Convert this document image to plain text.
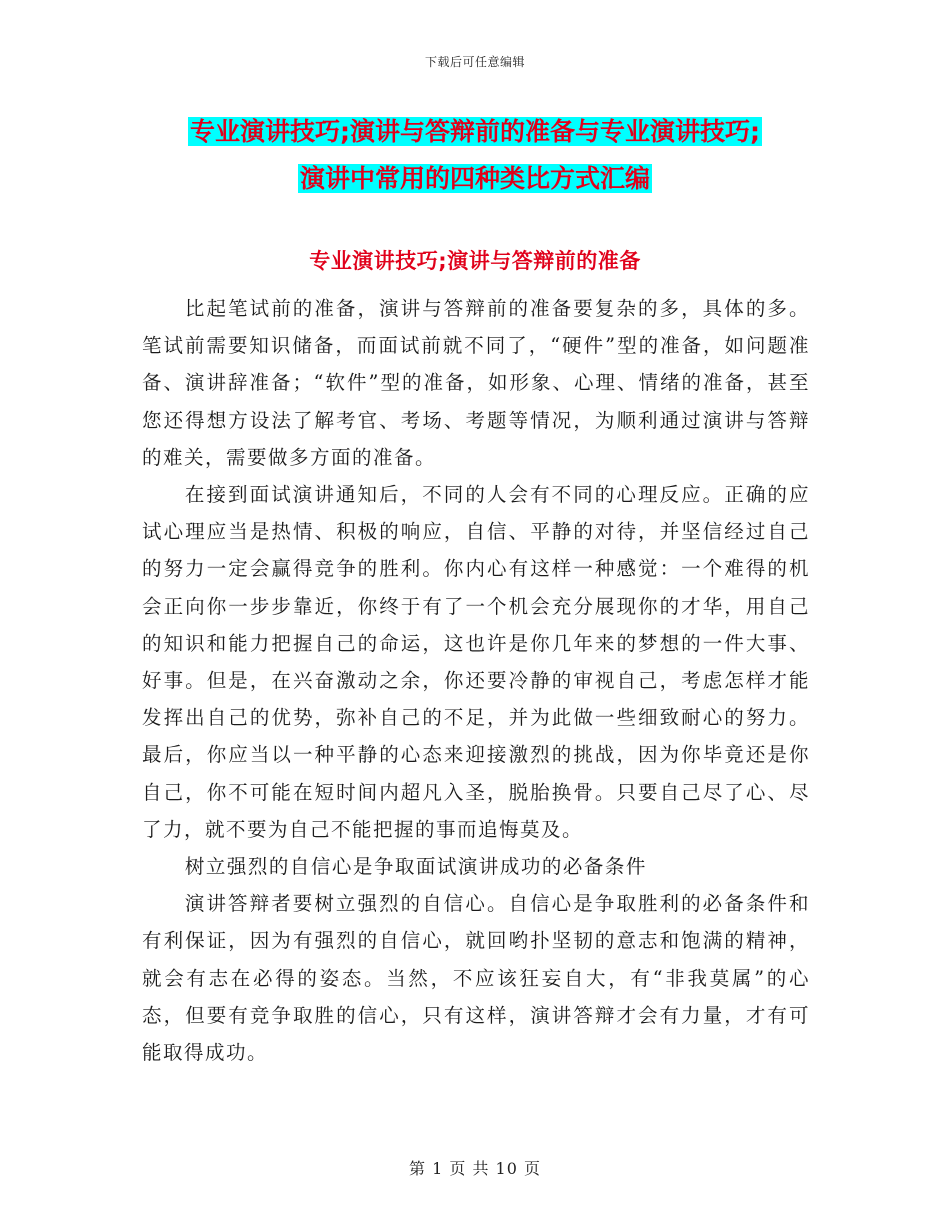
下载后可任意编辑
专业演讲技巧;演讲与答辩前的准备与专业演讲技巧;
演讲中常用的四种类比方式汇编
专业演讲技巧;演讲与答辩前的准备

比起笔试前的准备，演讲与答辩前的准备要复杂的多，具体的多。笔试前需要知识储备，而面试前就不同了，“硬件”型的准备，如问题准备、演讲辞准备；“软件”型的准备，如形象、心理、情绪的准备，甚至您还得想方设法了解考官、考场、考题等情况，为顺利通过演讲与答辩的难关，需要做多方面的准备。

在接到面试演讲通知后，不同的人会有不同的心理反应。正确的应试心理应当是热情、积极的响应，自信、平静的对待，并坚信经过自己的努力一定会赢得竞争的胜利。你内心有这样一种感觉：一个难得的机会正向你一步步靠近，你终于有了一个机会充分展现你的才华，用自己的知识和能力把握自己的命运，这也许是你几年来的梦想的一件大事、好事。但是，在兴奋激动之余，你还要冷静的审视自己，考虑怎样才能发挥出自己的优势，弥补自己的不足，并为此做一些细致耐心的努力。最后，你应当以一种平静的心态来迎接激烈的挑战，因为你毕竟还是你自己，你不可能在短时间内超凡入圣，脱胎换骨。只要自己尽了心、尽了力，就不要为自己不能把握的事而追悔莫及。

树立强烈的自信心是争取面试演讲成功的必备条件

演讲答辩者要树立强烈的自信心。自信心是争取胜利的必备条件和有利保证，因为有强烈的自信心，就回哟扑坚韧的意志和饱满的精神，就会有志在必得的姿态。当然，不应该狂妄自大，有“非我莫属”的心态，但要有竞争取胜的信心，只有这样，演讲答辩才会有力量，才有可能取得成功。

第 1 页 共 10 页
